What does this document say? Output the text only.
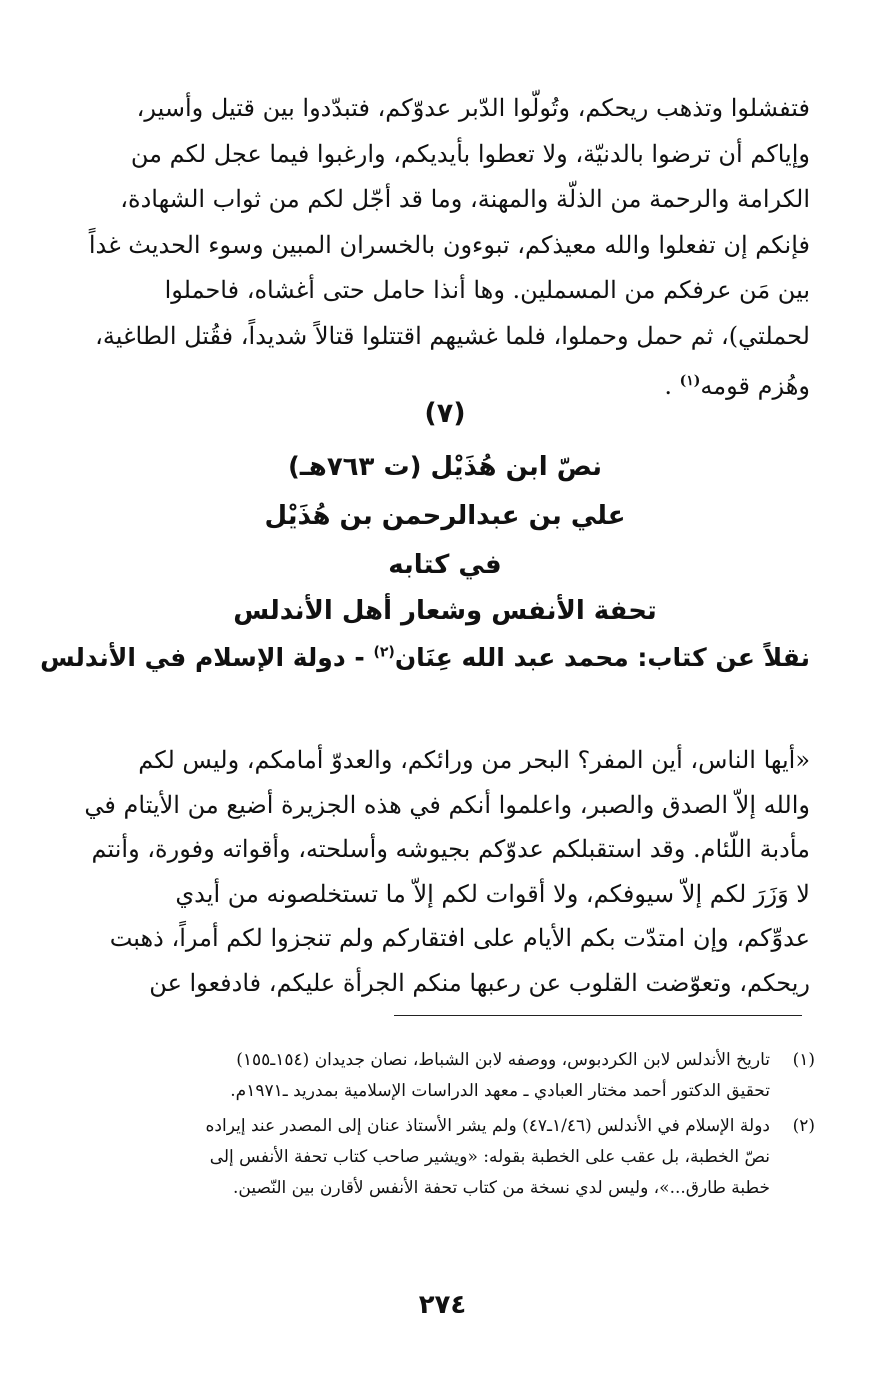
فتفشلوا وتذهب ريحكم، وتُولّوا الدّبر عدوّكم، فتبدّدوا بين قتيل وأسير،
وإياكم أن ترضوا بالدنيّة، ولا تعطوا بأيديكم، وارغبوا فيما عجل لكم من
الكرامة والرحمة من الذلّة والمهنة، وما قد أجّل لكم من ثواب الشهادة،
فإنكم إن تفعلوا والله معيذكم، تبوءون بالخسران المبين وسوء الحديث غداً
بين مَن عرفكم من المسملين. وها أنذا حامل حتى أغشاه، فاحملوا
لحملتي)، ثم حمل وحملوا، فلما غشيهم اقتتلوا قتالاً شديداً، فقُتل الطاغية،
وهُزم قومه$^{(١)}$ .
(٧)
نصّ ابن هُذَيْل (ت ٧٦٣هـ)
علي بن عبدالرحمن بن هُذَيْل
في كتابه
تحفة الأنفس وشعار أهل الأندلس
نقلاً عن كتاب: محمد عبد الله عِنَان$^{(٢)}$ - دولة الإسلام في الأندلس
«أيها الناس، أين المفر؟ البحر من ورائكم، والعدوّ أمامكم، وليس لكم
والله إلاّ الصدق والصبر، واعلموا أنكم في هذه الجزيرة أضيع من الأيتام في
مأدبة اللّئام. وقد استقبلكم عدوّكم بجيوشه وأسلحته، وأقواته وفورة، وأنتم
لا وَزَرَ لكم إلاّ سيوفكم، ولا أقوات لكم إلاّ ما تستخلصونه من أيدي
عدوِّكم، وإن امتدّت بكم الأيام على افتقاركم ولم تنجزوا لكم أمراً، ذهبت
ريحكم، وتعوّضت القلوب عن رعبها منكم الجرأة عليكم، فادفعوا عن
(١)
تاريخ الأندلس لابن الكردبوس، ووصفه لابن الشباط، نصان جديدان (١٥٤ـ١٥٥)
تحقيق الدكتور أحمد مختار العبادي ـ معهد الدراسات الإسلامية بمدريد ـ١٩٧١م.
(٢)
دولة الإسلام في الأندلس (١/٤٦ـ٤٧) ولم يشر الأستاذ عنان إلى المصدر عند إيراده
نصّ الخطبة، بل عقب على الخطبة بقوله: «ويشير صاحب كتاب تحفة الأنفس إلى
خطبة طارق...»، وليس لدي نسخة من كتاب تحفة الأنفس لأقارن بين النّصين.
٢٧٤
